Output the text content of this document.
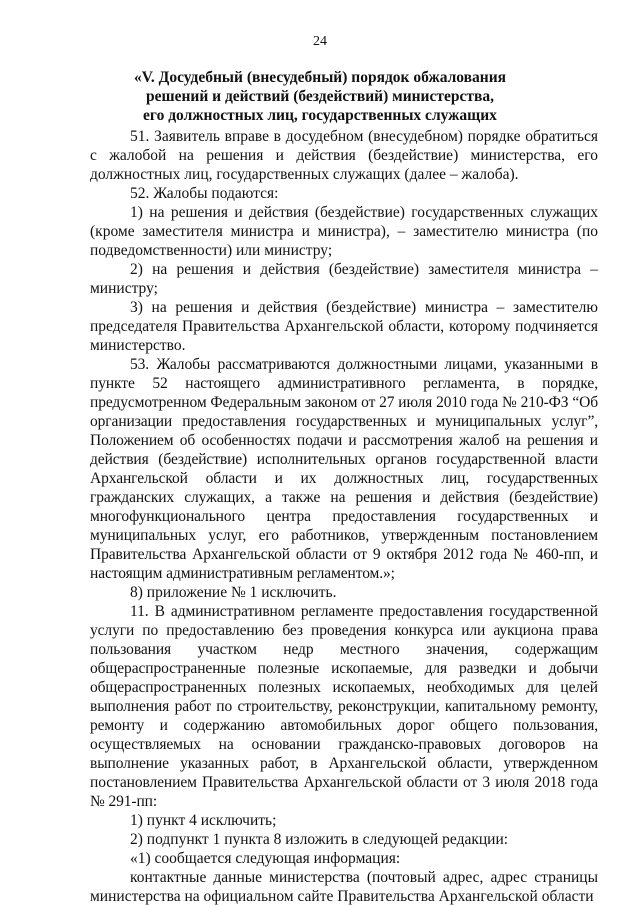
24
«V. Досудебный (внесудебный) порядок обжалования
решений и действий (бездействий) министерства,
его должностных лиц, государственных служащих

51. Заявитель вправе в досудебном (внесудебном) порядке обратиться с жалобой на решения и действия (бездействие) министерства, его должностных лиц, государственных служащих (далее – жалоба).

52. Жалобы подаются:

1) на решения и действия (бездействие) государственных служащих (кроме заместителя министра и министра), – заместителю министра (по подведомственности) или министру;

2) на решения и действия (бездействие) заместителя министра – министру;

3) на решения и действия (бездействие) министра – заместителю председателя Правительства Архангельской области, которому подчиняется министерство.

53. Жалобы рассматриваются должностными лицами, указанными в пункте 52 настоящего административного регламента, в порядке, предусмотренном Федеральным законом от 27 июля 2010 года № 210-ФЗ “Об организации предоставления государственных и муниципальных услуг”, Положением об особенностях подачи и рассмотрения жалоб на решения и действия (бездействие) исполнительных органов государственной власти Архангельской области и их должностных лиц, государственных гражданских служащих, а также на решения и действия (бездействие) многофункционального центра предоставления государственных и муниципальных услуг, его работников, утвержденным постановлением Правительства Архангельской области от 9 октября 2012 года № 460-пп, и настоящим административным регламентом.»;

8) приложение № 1 исключить.

11. В административном регламенте предоставления государственной услуги по предоставлению без проведения конкурса или аукциона права пользования участком недр местного значения, содержащим общераспространенные полезные ископаемые, для разведки и добычи общераспространенных полезных ископаемых, необходимых для целей выполнения работ по строительству, реконструкции, капитальному ремонту, ремонту и содержанию автомобильных дорог общего пользования, осуществляемых на основании гражданско-правовых договоров на выполнение указанных работ, в Архангельской области, утвержденном постановлением Правительства Архангельской области от 3 июля 2018 года № 291-пп:

1) пункт 4 исключить;

2) подпункт 1 пункта 8 изложить в следующей редакции:

«1) сообщается следующая информация:

контактные данные министерства (почтовый адрес, адрес страницы министерства на официальном сайте Правительства Архангельской области
